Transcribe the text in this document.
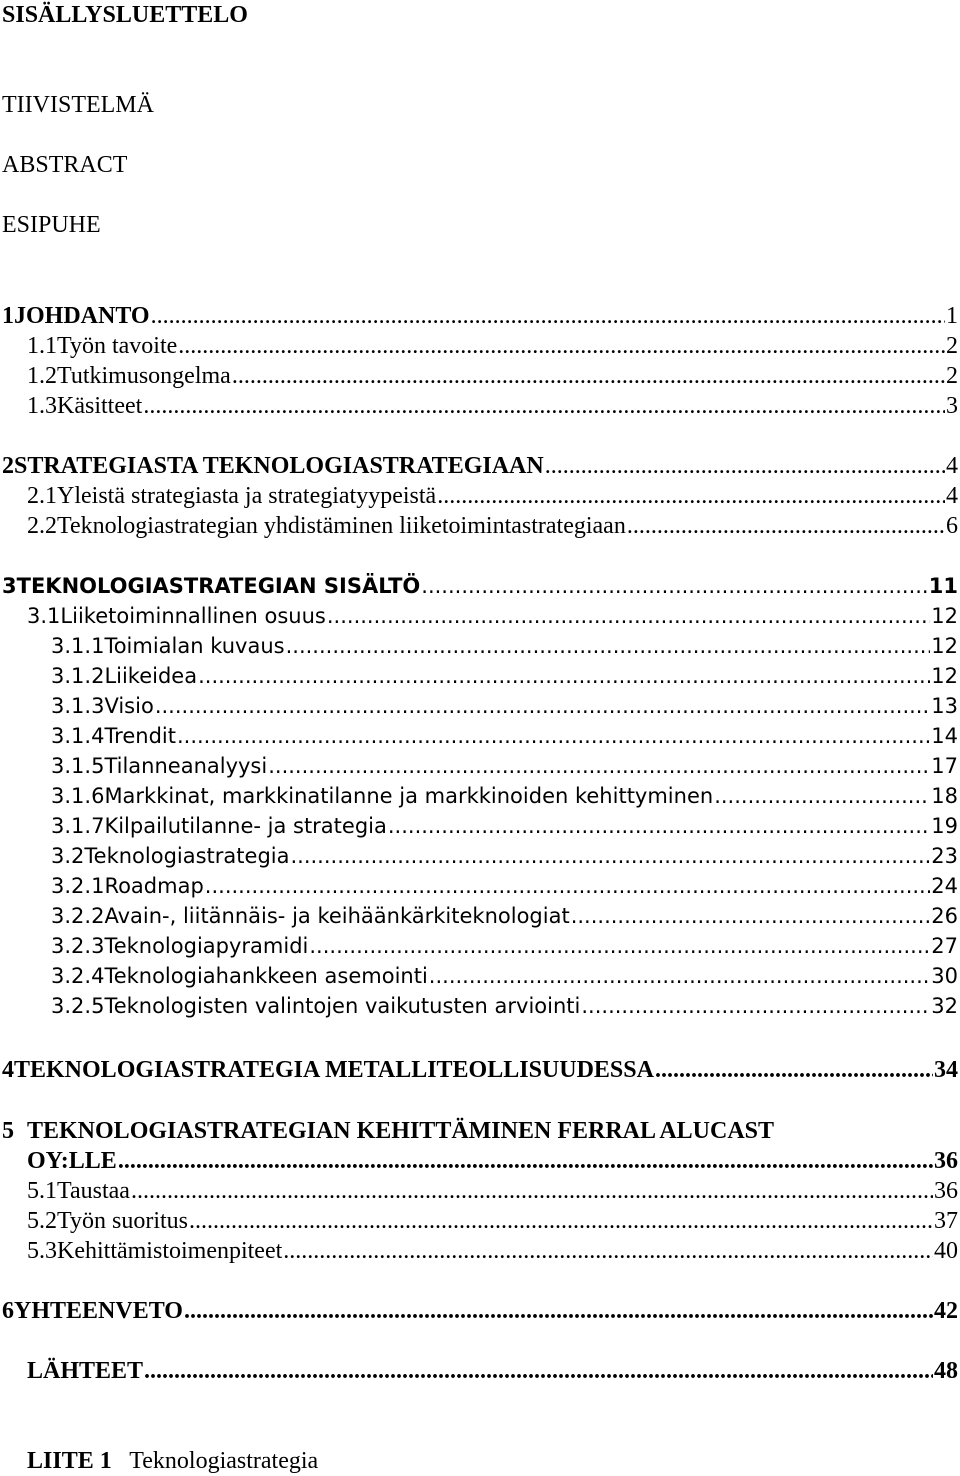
SISÄLLYSLUETTELO
TIIVISTELMÄ
ABSTRACT
ESIPUHE
1 JOHDANTO .....	1
1.1 Työn tavoite .....	2
1.2 Tutkimusongelma .....	2
1.3 Käsitteet .....	3
2 STRATEGIASTA TEKNOLOGIASTRATEGIAAN .....	4
2.1 Yleistä strategiasta ja strategiatyypeistä .....	4
2.2 Teknologiastrategian yhdistäminen liiketoimintastrategiaan .....	6
3 TEKNOLOGIASTRATEGIAN SISÄLTÖ .....	11
3.1 Liiketoiminnallinen osuus .....	12
3.1.1 Toimialan kuvaus .....	12
3.1.2 Liikeidea .....	12
3.1.3 Visio .....	13
3.1.4 Trendit .....	14
3.1.5 Tilanneanalyysi .....	17
3.1.6 Markkinat, markkinatilanne ja markkinoiden kehittyminen .....	18
3.1.7 Kilpailutilanne- ja strategia .....	19
3.2 Teknologiastrategia .....	23
3.2.1 Roadmap .....	24
3.2.2 Avain-, liitännäis- ja keihäänkärkiteknologiat .....	26
3.2.3 Teknologiapyramidi .....	27
3.2.4 Teknologiahankkeen asemointi .....	30
3.2.5 Teknologisten valintojen vaikutusten arviointi .....	32
4 TEKNOLOGIASTRATEGIA METALLITEOLLISUUDESSA .....	34
5 TEKNOLOGIASTRATEGIAN KEHITTÄMINEN FERRAL ALUCAST
OY:LLE .....	36
5.1 Taustaa .....	36
5.2 Työn suoritus .....	37
5.3 Kehittämistoimenpiteet .....	40
6 YHTEENVETO .....	42
LÄHTEET .....	48
LIITE 1 Teknologiastrategia
